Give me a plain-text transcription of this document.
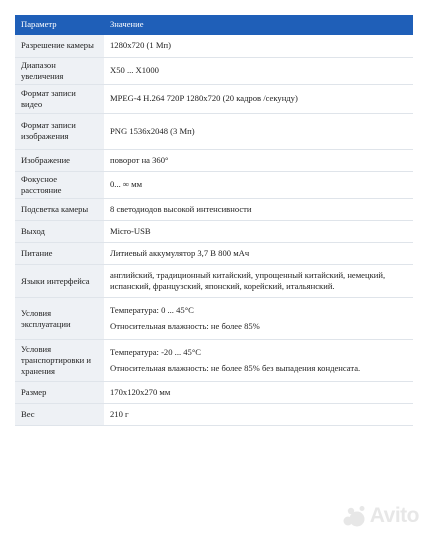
Параметр	Значение
Разрешение камеры	1280x720 (1 Мп)

Диапазон увеличения	X50 ... X1000

Формат записи видео	MPEG-4 H.264 720P 1280x720 (20 кадров /секунду)

Формат записи изображения	PNG 1536x2048 (3 Мп)

Изображение	поворот на 360°

Фокусное расстояние	0... ∞ мм

Подсветка камеры	8 светодиодов высокой интенсивности

Выход	Micro-USB

Питание	Литиевый аккумулятор 3,7 В 800 мАч

Языки интерфейса	английский, традиционный китайский, упрощенный китайский, немецкий, испанский, французский, японский, корейский, итальянский.

Условия эксплуатации	Температура: 0 ... 45°С

Относительная влажность: не более 85%

Условия транспортировки и хранения	Температура: -20 ... 45°С

Относительная влажность: не более 85% без выпадения конденсата.

Размер	170x120x270 мм

Вес	210 г

Avito
